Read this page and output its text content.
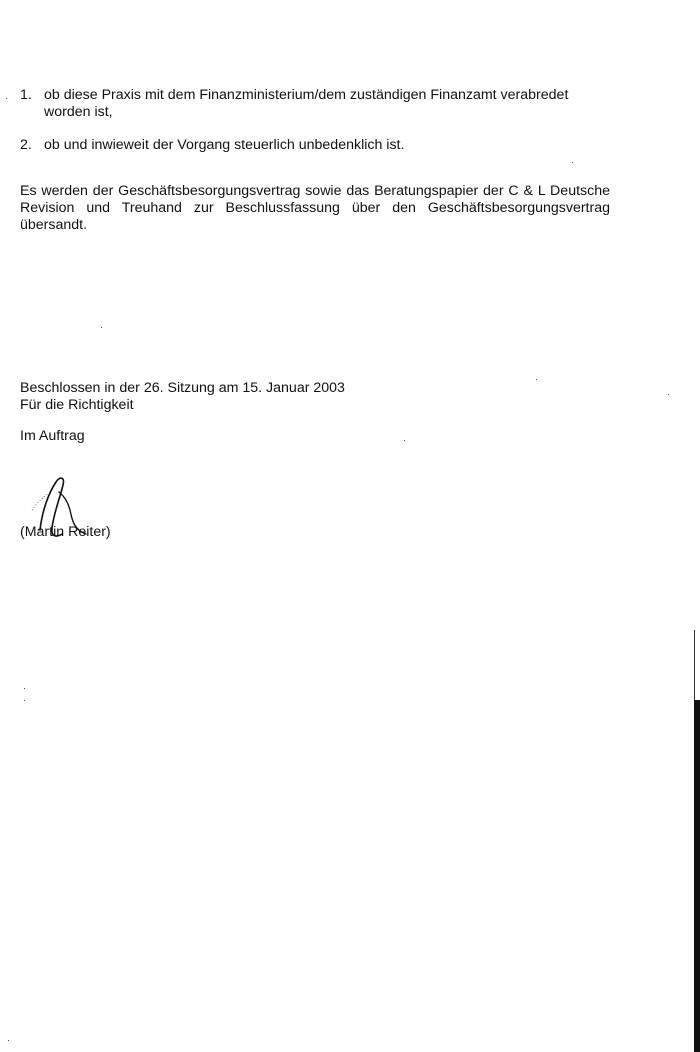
1. ob diese Praxis mit dem Finanzministerium/dem zuständigen Finanzamt verabredet worden ist,
2. ob und inwieweit der Vorgang steuerlich unbedenklich ist.
Es werden der Geschäftsbesorgungsvertrag sowie das Beratungspapier der C & L Deutsche Revision und Treuhand zur Beschlussfassung über den Geschäftsbesorgungsvertrag übersandt.
Beschlossen in der 26. Sitzung am 15. Januar 2003
Für die Richtigkeit
Im Auftrag
(Martin Reiter)
